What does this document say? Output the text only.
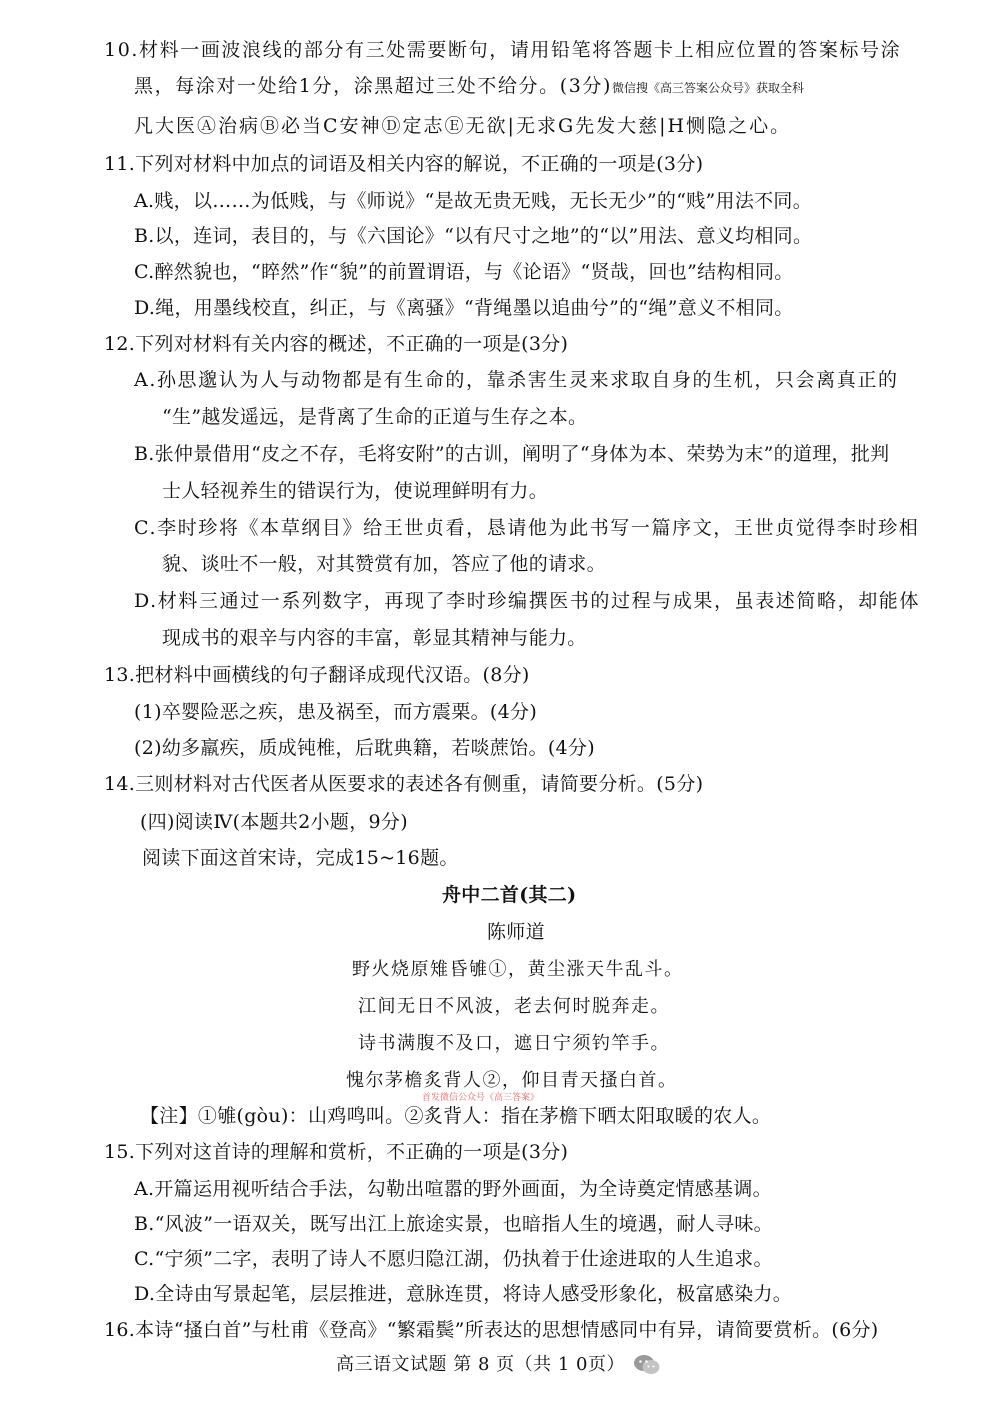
10.材料一画波浪线的部分有三处需要断句，请用铅笔将答题卡上相应位置的答案标号涂
黑，每涂对一处给1分，涂黑超过三处不给分。(3分)微信搜《高三答案公众号》获取全科
凡大医Ⓐ治病Ⓑ必当C安神Ⓓ定志Ⓔ无欲|无求G先发大慈|H恻隐之心。
11.下列对材料中加点的词语及相关内容的解说，不正确的一项是(3分)
A.贱，以……为低贱，与《师说》“是故无贵无贱，无长无少”的“贱”用法不同。
B.以，连词，表目的，与《六国论》“以有尺寸之地”的“以”用法、意义均相同。
C.醉然貌也，“睟然”作“貌”的前置谓语，与《论语》“贤哉，回也”结构相同。
D.绳，用墨线校直，纠正，与《离骚》“背绳墨以追曲兮”的“绳”意义不相同。
12.下列对材料有关内容的概述，不正确的一项是(3分)
A.孙思邈认为人与动物都是有生命的，靠杀害生灵来求取自身的生机，只会离真正的
“生”越发遥远，是背离了生命的正道与生存之本。
B.张仲景借用“皮之不存，毛将安附”的古训，阐明了“身体为本、荣势为末”的道理，批判
士人轻视养生的错误行为，使说理鲜明有力。
C.李时珍将《本草纲目》给王世贞看，恳请他为此书写一篇序文，王世贞觉得李时珍相
貌、谈吐不一般，对其赞赏有加，答应了他的请求。
D.材料三通过一系列数字，再现了李时珍编撰医书的过程与成果，虽表述简略，却能体
现成书的艰辛与内容的丰富，彰显其精神与能力。
13.把材料中画横线的句子翻译成现代汉语。(8分)
(1)卒婴险恶之疾，患及祸至，而方震栗。(4分)
(2)幼多羸疾，质成钝椎，后耽典籍，若啖蔗饴。(4分)
14.三则材料对古代医者从医要求的表述各有侧重，请简要分析。(5分)
(四)阅读Ⅳ(本题共2小题，9分)
阅读下面这首宋诗，完成15~16题。
舟中二首(其二)
陈师道
野火烧原雉昏雊①，黄尘涨天牛乱斗。
江间无日不风波，老去何时脱奔走。
诗书满腹不及口，遮日宁须钓竿手。
愧尔茅檐炙背人②，仰目青天搔白首。
首发微信公众号《高三答案》
【注】①雊(gòu)：山鸡鸣叫。②炙背人：指在茅檐下晒太阳取暖的农人。
15.下列对这首诗的理解和赏析，不正确的一项是(3分)
A.开篇运用视听结合手法，勾勒出喧嚣的野外画面，为全诗奠定情感基调。
B.“风波”一语双关，既写出江上旅途实景，也暗指人生的境遇，耐人寻味。
C.“宁须”二字，表明了诗人不愿归隐江湖，仍执着于仕途进取的人生追求。
D.全诗由写景起笔，层层推进，意脉连贯，将诗人感受形象化，极富感染力。
16.本诗“搔白首”与杜甫《登高》“繁霜鬓”所表达的思想情感同中有异，请简要赏析。(6分)
高三语文试题 第 8 页（共 1 0页）
